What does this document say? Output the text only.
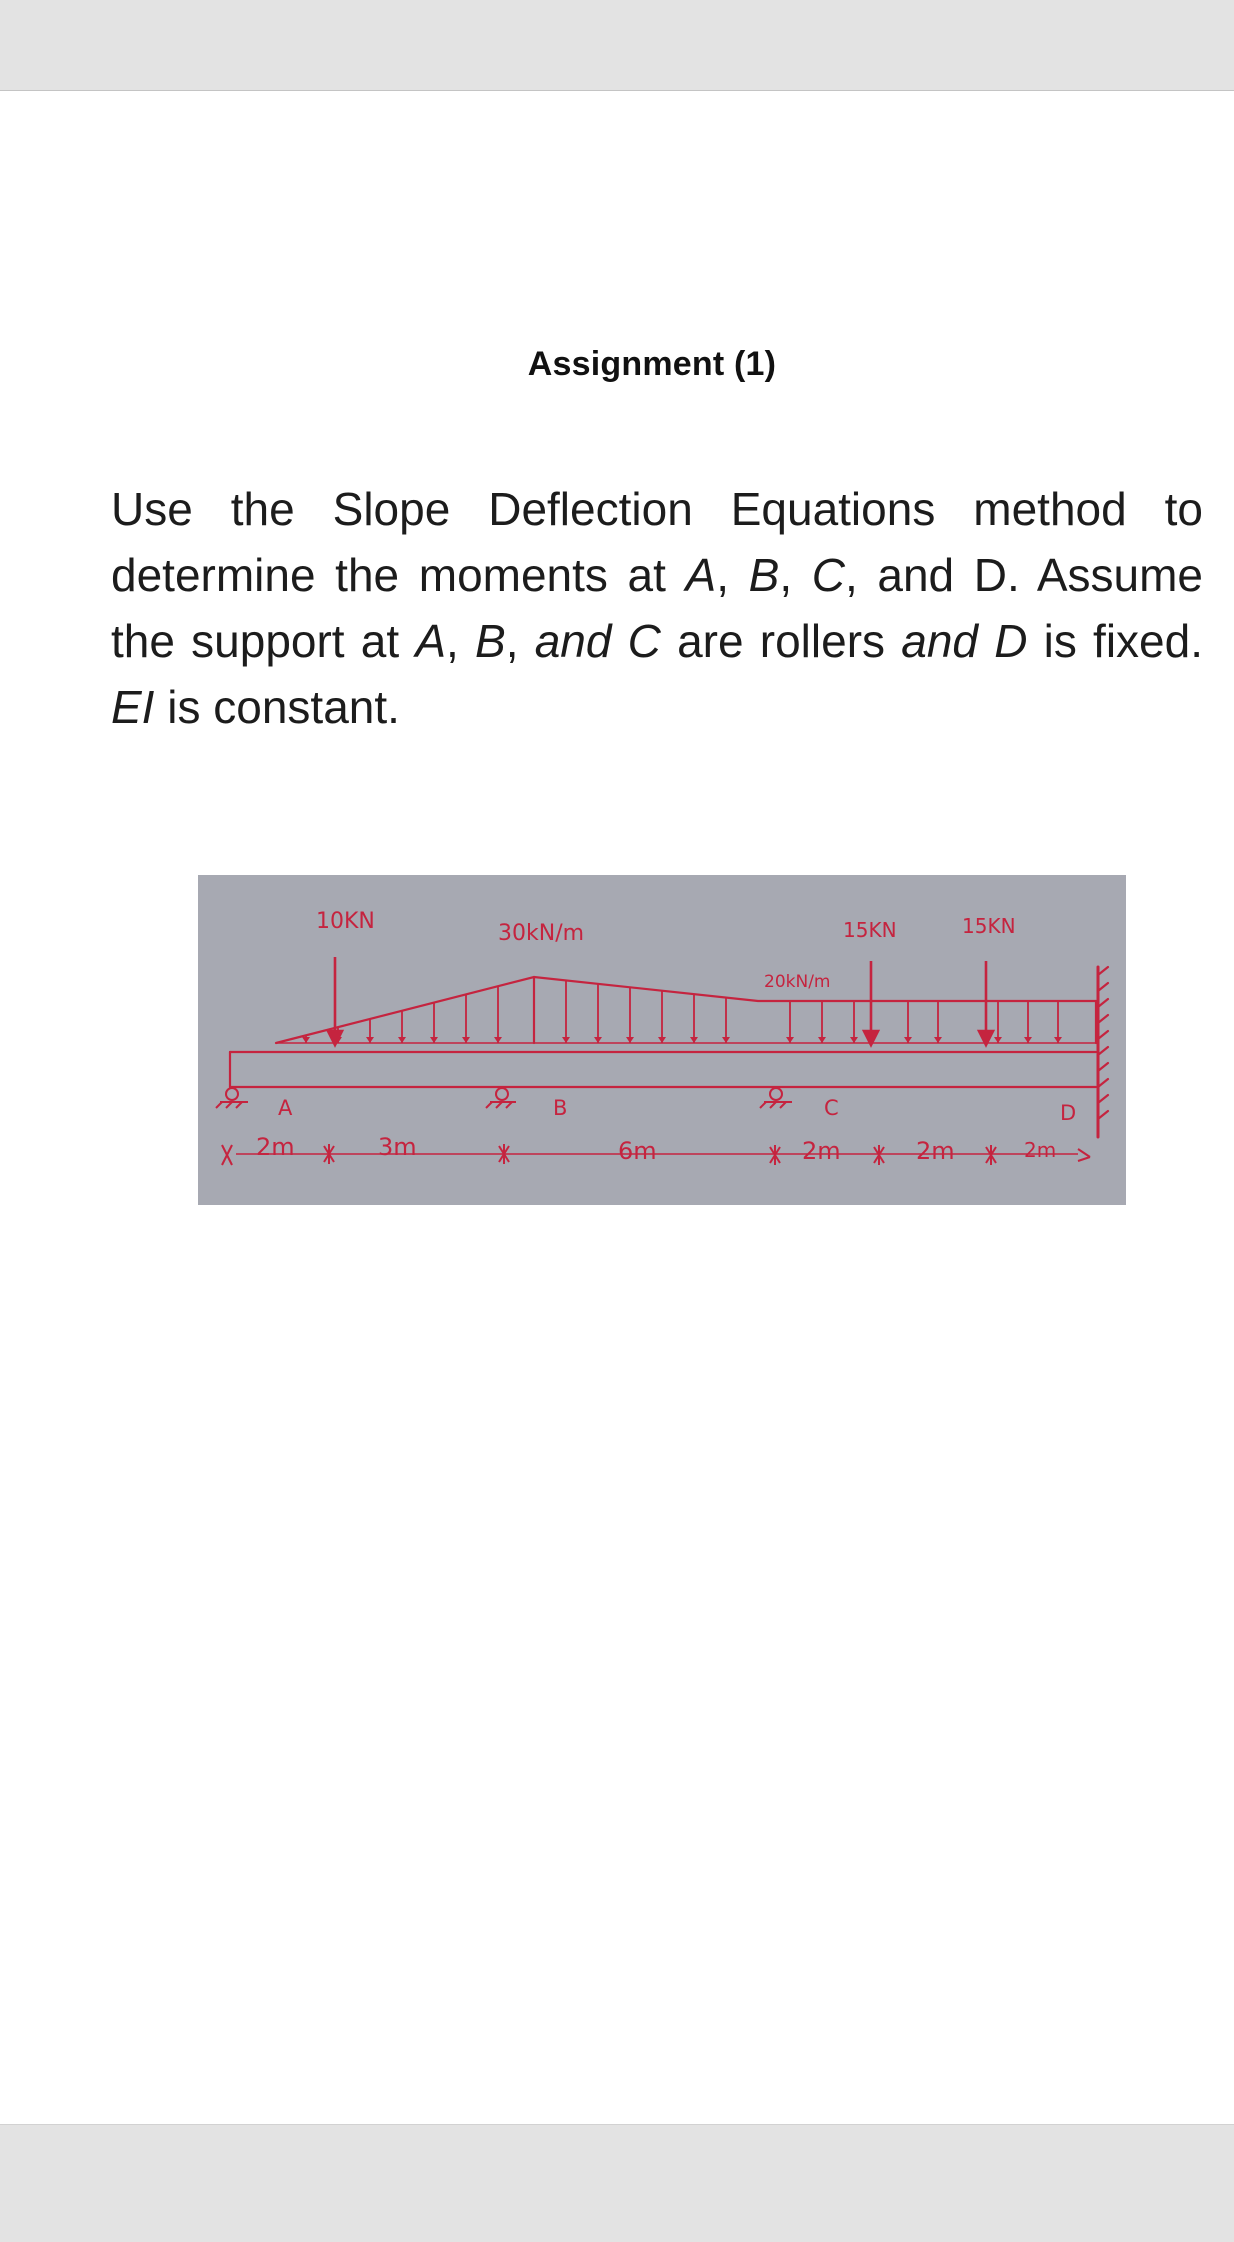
Assignment (1)

Use the Slope Deflection Equations method to determine the moments at A, B, C, and D. Assume the support at A, B, and C are rollers and D is fixed. EI is constant.

10KN	30kN/m
20kN/m
15KN	15KN
A	B	C	D
2m	3m	6m	2m	2m	2m
